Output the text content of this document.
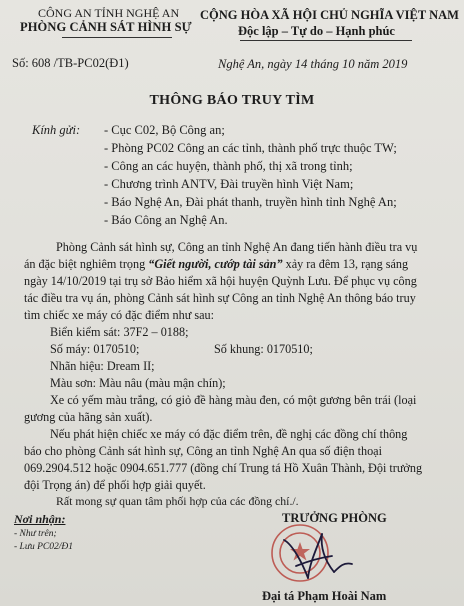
CÔNG AN TỈNH NGHỆ AN
PHÒNG CẢNH SÁT HÌNH SỰ
Số: 608 /TB-PC02(Đ1)
CỘNG HÒA XÃ HỘI CHỦ NGHĨA VIỆT NAM
Độc lập – Tự do – Hạnh phúc
Nghệ An, ngày 14 tháng 10 năm 2019
THÔNG BÁO TRUY TÌM
Kính gửi: - Cục C02, Bộ Công an;
- Phòng PC02 Công an các tỉnh, thành phố trực thuộc TW;
- Công an các huyện, thành phố, thị xã trong tỉnh;
- Chương trình ANTV, Đài truyền hình Việt Nam;
- Báo Nghệ An, Đài phát thanh, truyền hình tỉnh Nghệ An;
- Báo Công an Nghệ An.
Phòng Cảnh sát hình sự, Công an tỉnh Nghệ An đang tiến hành điều tra vụ
án đặc biệt nghiêm trọng “Giết người, cướp tài sản” xảy ra đêm 13, rạng sáng
ngày 14/10/2019 tại trụ sở Bảo hiểm xã hội huyện Quỳnh Lưu. Để phục vụ công
tác điều tra vụ án, phòng Cảnh sát hình sự Công an tỉnh Nghệ An thông báo truy
tìm chiếc xe máy có đặc điểm như sau:
Biển kiểm sát: 37F2 – 0188;
Số máy: 0170510;	Số khung: 0170510;
Nhãn hiệu: Dream II;
Màu sơn: Màu nâu (màu mận chín);
Xe có yếm màu trắng, có giỏ đề hàng màu đen, có một gương bên trái (loại
gương của hãng sản xuất).
Nếu phát hiện chiếc xe máy có đặc điểm trên, đề nghị các đồng chí thông
báo cho phòng Cảnh sát hình sự, Công an tỉnh Nghệ An qua số điện thoại
069.2904.512 hoặc 0904.651.777 (đồng chí Trung tá Hồ Xuân Thành, Đội trưởng
đội Trọng án) để phối hợp giải quyết.
Rất mong sự quan tâm phối hợp của các đồng chí./.
Nơi nhận:
- Như trên;
- Lưu PC02/Đ1
TRƯỞNG PHÒNG
Đại tá Phạm Hoài Nam
